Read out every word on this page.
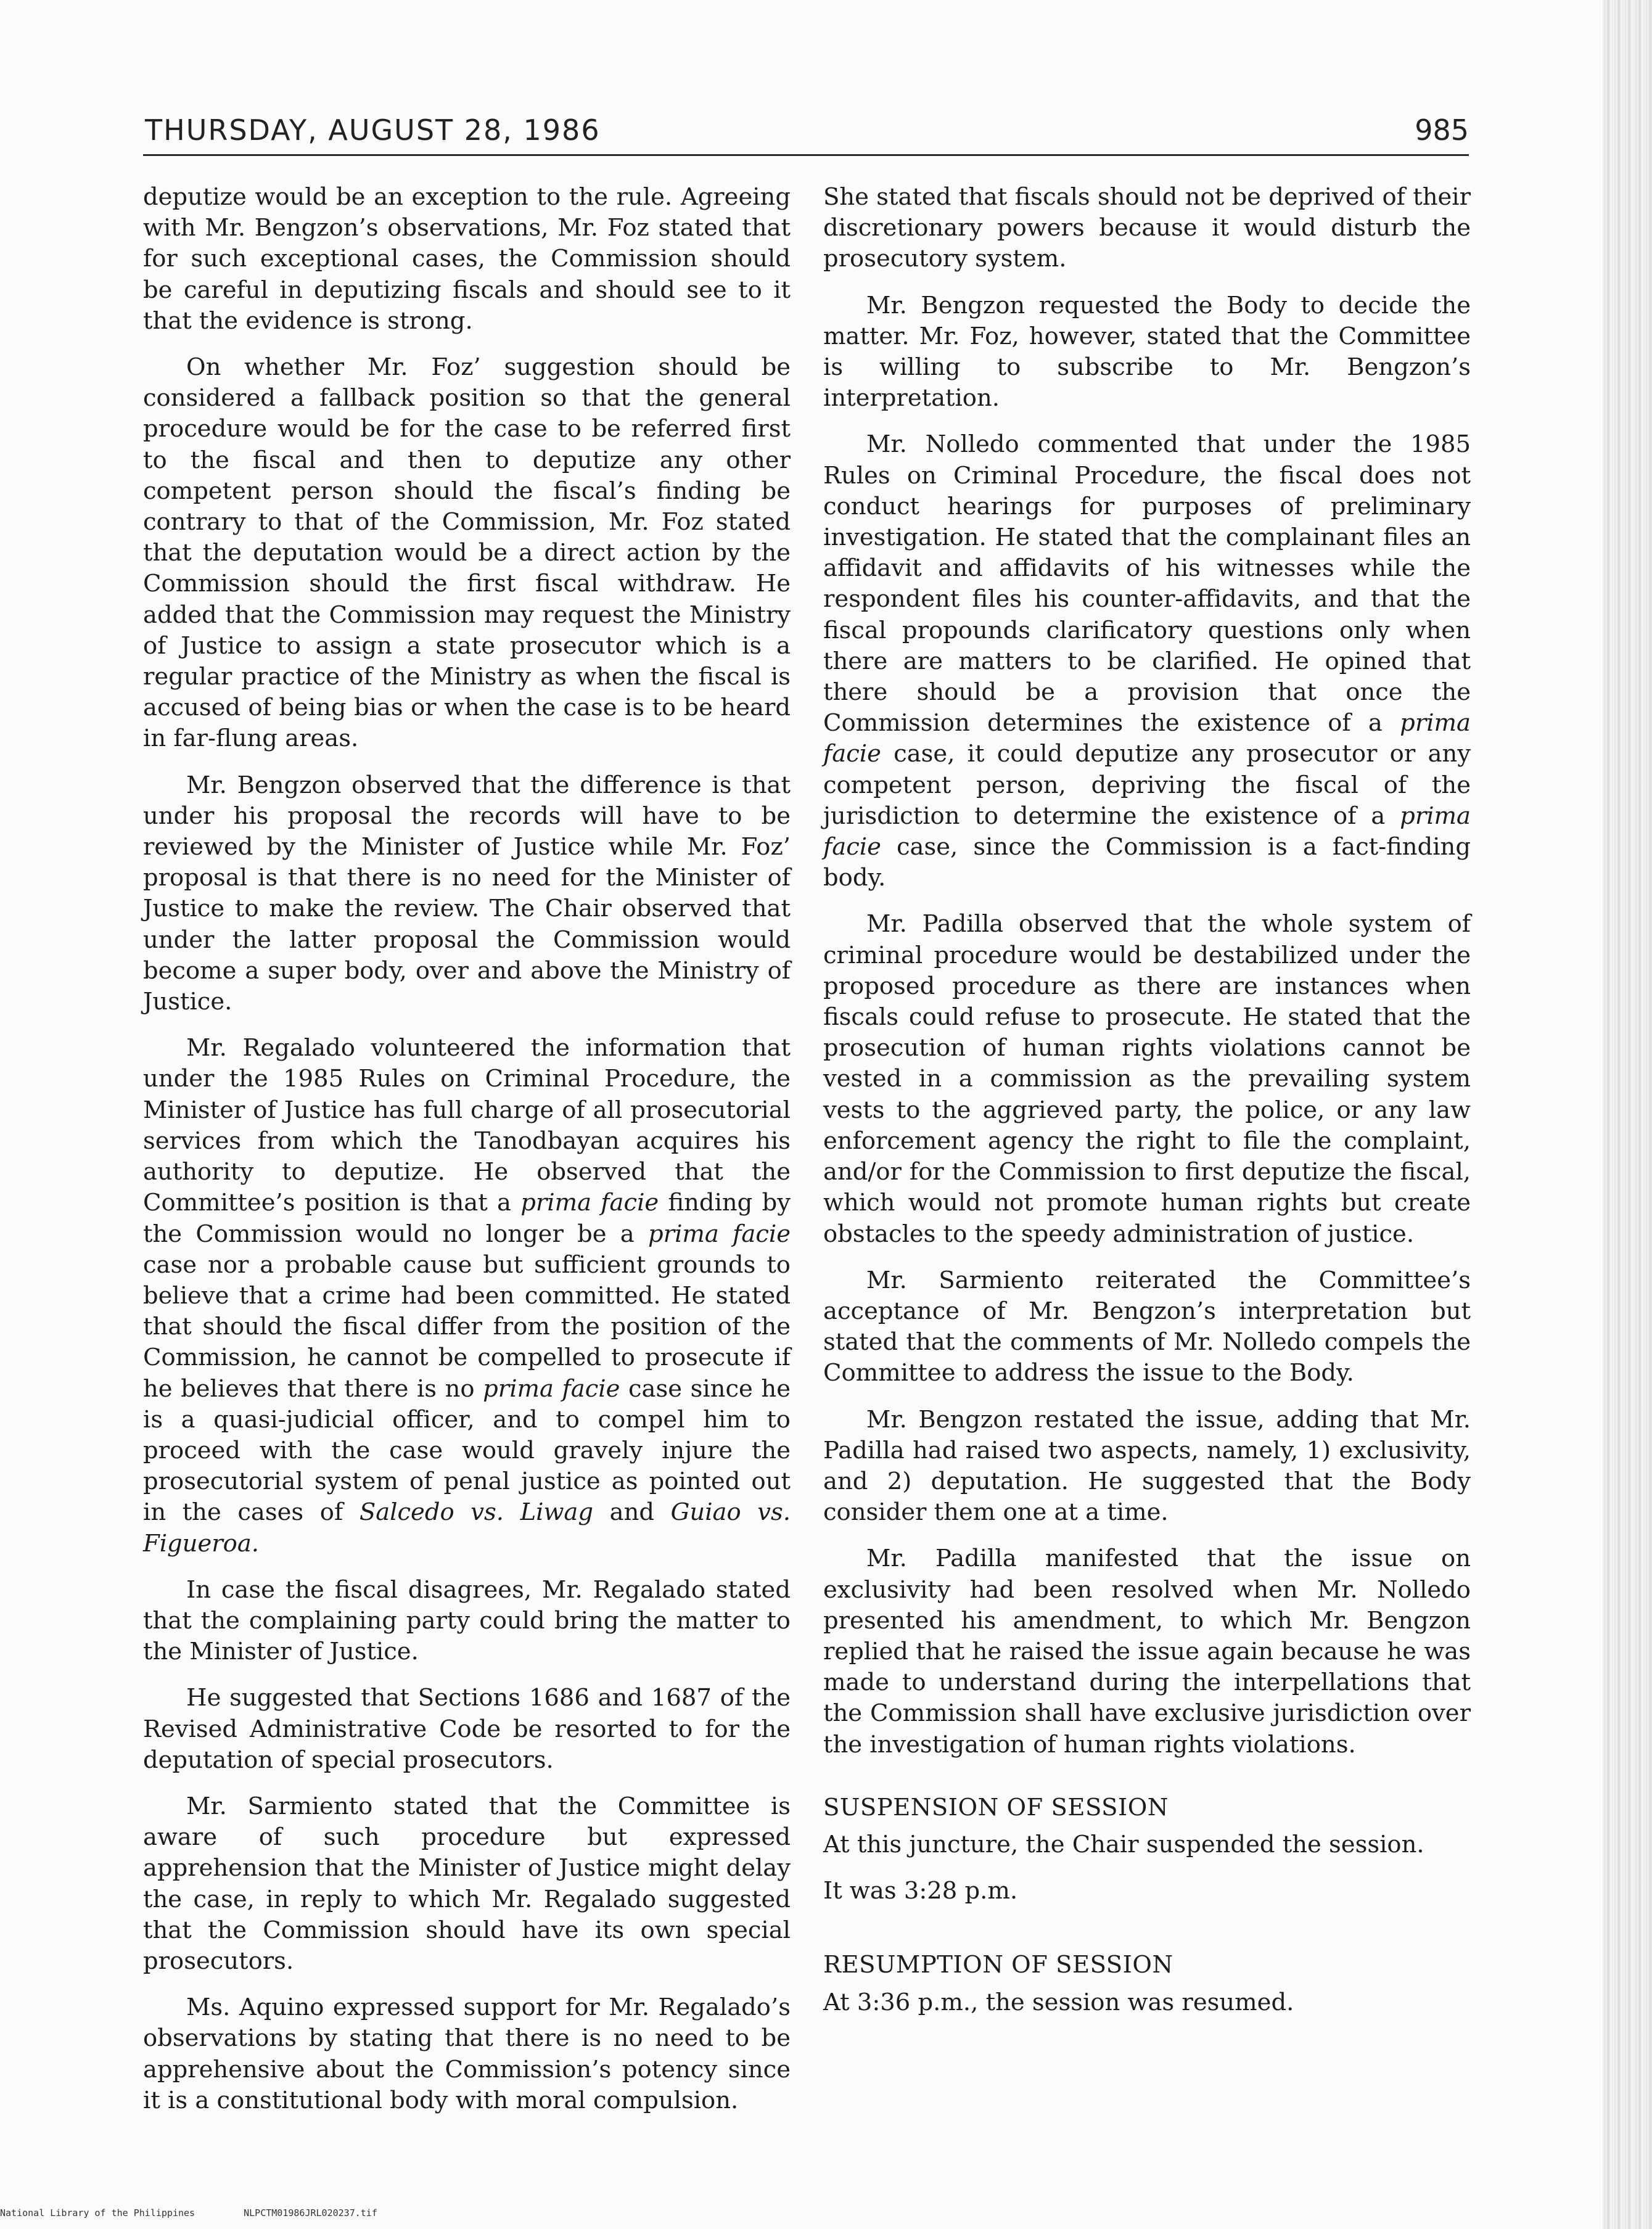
THURSDAY, AUGUST 28, 1986	985

deputize would be an exception to the rule. Agreeing with Mr. Bengzon’s observations, Mr. Foz stated that for such exceptional cases, the Commission should be careful in deputizing fiscals and should see to it that the evidence is strong.

On whether Mr. Foz’ suggestion should be considered a fallback position so that the general procedure would be for the case to be referred first to the fiscal and then to deputize any other competent person should the fiscal’s finding be contrary to that of the Commission, Mr. Foz stated that the deputation would be a direct action by the Commission should the first fiscal withdraw. He added that the Commission may request the Ministry of Justice to assign a state prosecutor which is a regular practice of the Ministry as when the fiscal is accused of being bias or when the case is to be heard in far-flung areas.

Mr. Bengzon observed that the difference is that under his proposal the records will have to be reviewed by the Minister of Justice while Mr. Foz’ proposal is that there is no need for the Minister of Justice to make the review. The Chair observed that under the latter proposal the Commission would become a super body, over and above the Ministry of Justice.

Mr. Regalado volunteered the information that under the 1985 Rules on Criminal Procedure, the Minister of Justice has full charge of all prosecutorial services from which the Tanodbayan acquires his authority to deputize. He observed that the Committee’s position is that a prima facie finding by the Commission would no longer be a prima facie case nor a probable cause but sufficient grounds to believe that a crime had been committed. He stated that should the fiscal differ from the position of the Commission, he cannot be compelled to prosecute if he believes that there is no prima facie case since he is a quasi-judicial officer, and to compel him to proceed with the case would gravely injure the prosecutorial system of penal justice as pointed out in the cases of Salcedo vs. Liwag and Guiao vs. Figueroa.

In case the fiscal disagrees, Mr. Regalado stated that the complaining party could bring the matter to the Minister of Justice.

He suggested that Sections 1686 and 1687 of the Revised Administrative Code be resorted to for the deputation of special prosecutors.

Mr. Sarmiento stated that the Committee is aware of such procedure but expressed apprehension that the Minister of Justice might delay the case, in reply to which Mr. Regalado suggested that the Commission should have its own special prosecutors.

Ms. Aquino expressed support for Mr. Regalado’s observations by stating that there is no need to be apprehensive about the Commission’s potency since it is a constitutional body with moral compulsion.

She stated that fiscals should not be deprived of their discretionary powers because it would disturb the prosecutory system.

Mr. Bengzon requested the Body to decide the matter. Mr. Foz, however, stated that the Committee is willing to subscribe to Mr. Bengzon’s interpretation.

Mr. Nolledo commented that under the 1985 Rules on Criminal Procedure, the fiscal does not conduct hearings for purposes of preliminary investigation. He stated that the complainant files an affidavit and affidavits of his witnesses while the respondent files his counter-affidavits, and that the fiscal propounds clarificatory questions only when there are matters to be clarified. He opined that there should be a provision that once the Commission determines the existence of a prima facie case, it could deputize any prosecutor or any competent person, depriving the fiscal of the jurisdiction to determine the existence of a prima facie case, since the Commission is a fact-finding body.

Mr. Padilla observed that the whole system of criminal procedure would be destabilized under the proposed procedure as there are instances when fiscals could refuse to prosecute. He stated that the prosecution of human rights violations cannot be vested in a commission as the prevailing system vests to the aggrieved party, the police, or any law enforcement agency the right to file the complaint, and/or for the Commission to first deputize the fiscal, which would not promote human rights but create obstacles to the speedy administration of justice.

Mr. Sarmiento reiterated the Committee’s acceptance of Mr. Bengzon’s interpretation but stated that the comments of Mr. Nolledo compels the Committee to address the issue to the Body.

Mr. Bengzon restated the issue, adding that Mr. Padilla had raised two aspects, namely, 1) exclusivity, and 2) deputation. He suggested that the Body consider them one at a time.

Mr. Padilla manifested that the issue on exclusivity had been resolved when Mr. Nolledo presented his amendment, to which Mr. Bengzon replied that he raised the issue again because he was made to understand during the interpellations that the Commission shall have exclusive jurisdiction over the investigation of human rights violations.

SUSPENSION OF SESSION

At this juncture, the Chair suspended the session.

It was 3:28 p.m.

RESUMPTION OF SESSION

At 3:36 p.m., the session was resumed.

National Library of the Philippines	NLPCTM01986JRL020237.tif
